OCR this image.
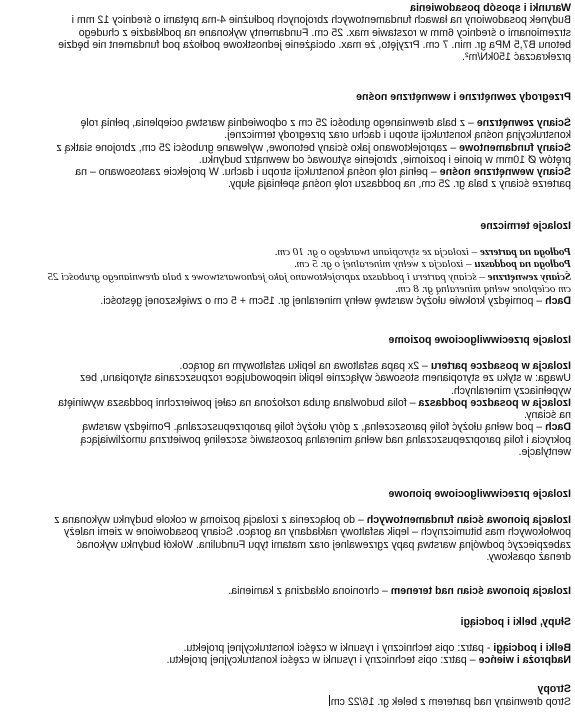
Warunki i sposób posadowienia
Budynek posadowiony na ławach fundamentowych zbrojonych podłużnie 4-ma prętami o średnicy 12 mm i
strzemionami o średnicy 6mm w rozstawie max. 25 cm. Fundamenty wykonane na podkładzie z chudego
betonu B7,5 MPa gr. min. 7 cm. Przyjęto, że max. obciążenie jednostkowe podłoża pod fundament nie będzie
przekraczać 150kN/m².
Przegrody zewnętrzne i wewnętrzne nośne
Ściany zewnętrzne – z bala drewnianego grubości 25 cm z odpowiednią warstwą ocieplenia, pełnią rolę
konstrukcyjną nośną konstrukcji stropu i dachu oraz przegrody termicznej.
Ściany fundamentowe – zaprojektowano jako ściany betonowe, wylewane grubości 25 cm, zbrojone siatką z
prętów Ø 10mm w pionie i poziomie, zbrojenie sytuować od wewnątrz budynku.
Ściany wewnętrzne nośne – pełnią rolę nośną konstrukcji stropu i dachu. W projekcie zastosowano – na
parterze ściany z bala gr. 25 cm, na poddaszu rolę nośną spełniają słupy.
Izolacje termiczne
Podłoga na parterze – izolacja ze styropianu twardego o gr. 10 cm.
Podłoga na poddaszu – izolacja z wełny mineralnej o gr. 5 cm.
Ściany zewnętrzne – ściany parteru i poddasza zaprojektowano jako jednowarstwowe z bala drewnianego grubości 25
cm ocieplone wełną mineralną gr. 8 cm.
Dach – pomiędzy krokwie ułożyć warstwę wełny mineralnej gr. 15cm + 5 cm o zwiększonej gęstości.
Izolacje przeciwwilgociowe poziome
Izolacja w posadzce parteru – 2x papa asfaltowa na lepiku asfaltowym na gorąco.
Uwaga: w styku ze styropianem stosować wyłącznie lepiki niepowodujące rozpuszczania styropianu, bez
wypełniaczy mineralnych.
Izolacja w posadzce poddasza – folia budowlana gruba rozłożona na całej powierzchni poddasza wywinięta
na ściany.
Dach – pod wełną ułożyć folię paroszczelną, z góry ułożyć folię paroprzepuszczalną. Pomiędzy warstwą
pokrycia i folią paroprzepuszczalną nad wełną mineralną pozostawić szczelinę powietrzną umożliwiającą
wentylacje.
Izolacje przeciwwilgociowe pionowe
Izolacja pionowa ścian fundamentowych – do połączenia z izolacją poziomą w cokole budynku wykonana z
powłokowych mas bitumicznych – lepik asfaltowy nakładany na gorąco. Ściany posadowione w ziemi należy
zabezpieczyć podwójną warstwą papy zgrzewalnej oraz matami typu Fundulina. Wokół budynku wykonać
drenaż opaskowy.
Izolacja pionowa ścian nad terenem – chroniona okładziną z kamienia.
Słupy, belki i podciągi
Belki i podciągi - patrz: opis techniczny i rysunki w części konstrukcyjnej projektu.
Nadproża i wieńce – patrz: opis techniczny i rysunki w części konstrukcyjnej projektu.
Stropy
Strop drewniany nad parterem z belek gr. 16/22 cm
